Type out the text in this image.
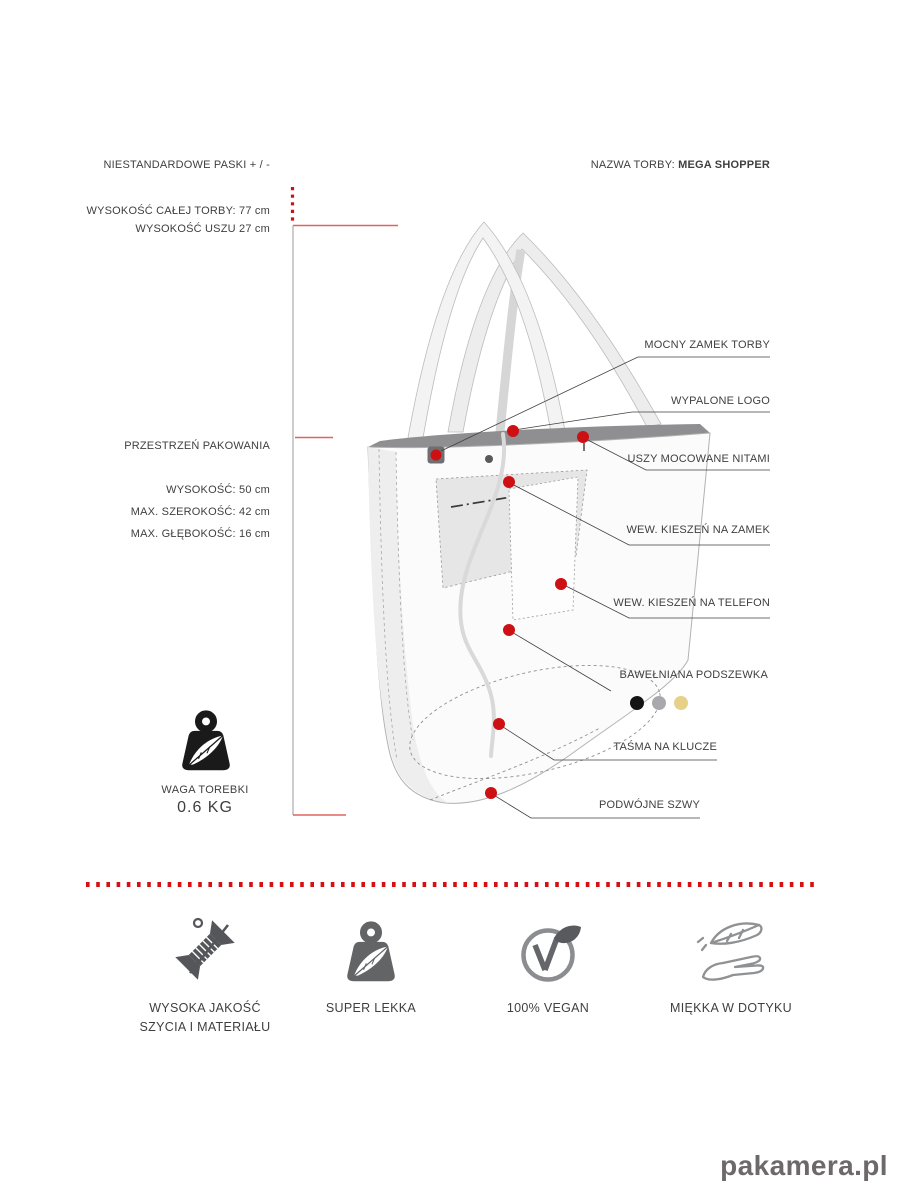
NIESTANDARDOWE PASKI + / -
WYSOKOŚĆ CAŁEJ TORBY: 77 cm
WYSOKOŚĆ USZU 27 cm
NAZWA TORBY: MEGA SHOPPER
PRZESTRZEŃ PAKOWANIA
WYSOKOŚĆ: 50 cm
MAX. SZEROKOŚĆ: 42 cm
MAX. GŁĘBOKOŚĆ: 16 cm
WAGA TOREBKI
0.6 KG
MOCNY ZAMEK TORBY
WYPALONE LOGO
USZY MOCOWANE NITAMI
WEW. KIESZEŃ NA ZAMEK
WEW. KIESZEŃ NA TELEFON
BAWEŁNIANA PODSZEWKA
TAŚMA NA KLUCZE
PODWÓJNE SZWY
WYSOKA JAKOŚĆ
SZYCIA I MATERIAŁU
SUPER LEKKA	100% VEGAN	MIĘKKA W DOTYKU
pakamera.pl
